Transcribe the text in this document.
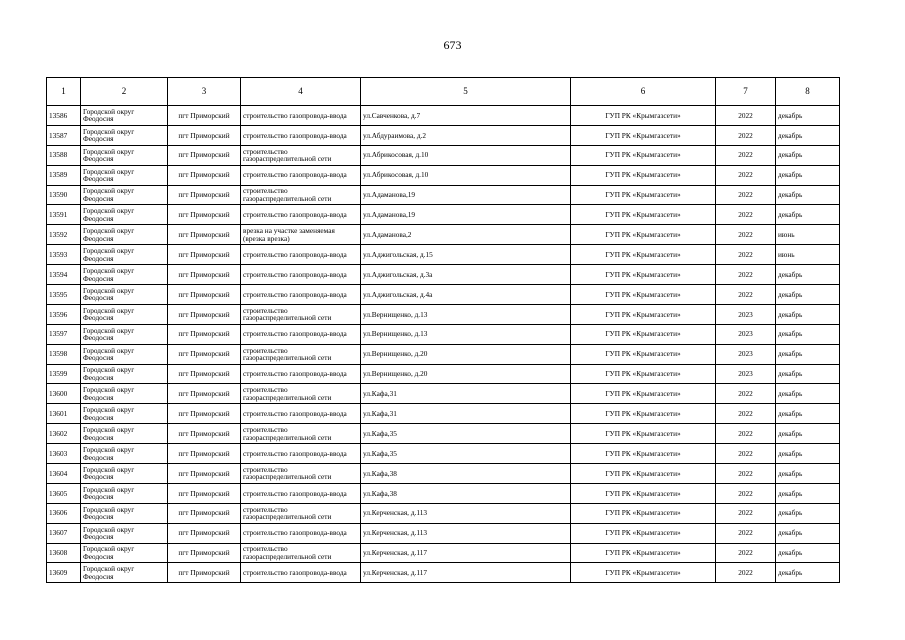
673
1	2	3	4	5	6	7	8
13586	Городской округ Феодосия	пгт Приморский	строительство газопровода-ввода	ул.Савченкова, д.7	ГУП РК «Крымгазсети»	2022	декабрь
13587	Городской округ Феодосия	пгт Приморский	строительство газопровода-ввода	ул.Абдураимова, д.2	ГУП РК «Крымгазсети»	2022	декабрь
13588	Городской округ Феодосия	пгт Приморский	строительство газораспределительной сети	ул.Абрикосовая, д.10	ГУП РК «Крымгазсети»	2022	декабрь
13589	Городской округ Феодосия	пгт Приморский	строительство газопровода-ввода	ул.Абрикосовая, д.10	ГУП РК «Крымгазсети»	2022	декабрь
13590	Городской округ Феодосия	пгт Приморский	строительство газораспределительной сети	ул.Адаманова,19	ГУП РК «Крымгазсети»	2022	декабрь
13591	Городской округ Феодосия	пгт Приморский	строительство газопровода-ввода	ул.Адаманова,19	ГУП РК «Крымгазсети»	2022	декабрь
13592	Городской округ Феодосия	пгт Приморский	врезка на участке заменяемая (врезка врезка)	ул.Адаманова,2	ГУП РК «Крымгазсети»	2022	июнь
13593	Городской округ Феодосия	пгт Приморский	строительство газопровода-ввода	ул.Аджигольская, д.15	ГУП РК «Крымгазсети»	2022	июнь
13594	Городской округ Феодосия	пгт Приморский	строительство газопровода-ввода	ул.Аджигольская, д.3а	ГУП РК «Крымгазсети»	2022	декабрь
13595	Городской округ Феодосия	пгт Приморский	строительство газопровода-ввода	ул.Аджигольская, д.4а	ГУП РК «Крымгазсети»	2022	декабрь
13596	Городской округ Феодосия	пгт Приморский	строительство газораспределительной сети	ул.Вернищенко, д.13	ГУП РК «Крымгазсети»	2023	декабрь
13597	Городской округ Феодосия	пгт Приморский	строительство газопровода-ввода	ул.Вернищенко, д.13	ГУП РК «Крымгазсети»	2023	декабрь
13598	Городской округ Феодосия	пгт Приморский	строительство газораспределительной сети	ул.Вернищенко, д.20	ГУП РК «Крымгазсети»	2023	декабрь
13599	Городской округ Феодосия	пгт Приморский	строительство газопровода-ввода	ул.Вернищенко, д.20	ГУП РК «Крымгазсети»	2023	декабрь
13600	Городской округ Феодосия	пгт Приморский	строительство газораспределительной сети	ул.Кафа,31	ГУП РК «Крымгазсети»	2022	декабрь
13601	Городской округ Феодосия	пгт Приморский	строительство газопровода-ввода	ул.Кафа,31	ГУП РК «Крымгазсети»	2022	декабрь
13602	Городской округ Феодосия	пгт Приморский	строительство газораспределительной сети	ул.Кафа,35	ГУП РК «Крымгазсети»	2022	декабрь
13603	Городской округ Феодосия	пгт Приморский	строительство газопровода-ввода	ул.Кафа,35	ГУП РК «Крымгазсети»	2022	декабрь
13604	Городской округ Феодосия	пгт Приморский	строительство газораспределительной сети	ул.Кафа,38	ГУП РК «Крымгазсети»	2022	декабрь
13605	Городской округ Феодосия	пгт Приморский	строительство газопровода-ввода	ул.Кафа,38	ГУП РК «Крымгазсети»	2022	декабрь
13606	Городской округ Феодосия	пгт Приморский	строительство газораспределительной сети	ул.Керченская, д.113	ГУП РК «Крымгазсети»	2022	декабрь
13607	Городской округ Феодосия	пгт Приморский	строительство газопровода-ввода	ул.Керченская, д.113	ГУП РК «Крымгазсети»	2022	декабрь
13608	Городской округ Феодосия	пгт Приморский	строительство газораспределительной сети	ул.Керченская, д.117	ГУП РК «Крымгазсети»	2022	декабрь
13609	Городской округ Феодосия	пгт Приморский	строительство газопровода-ввода	ул.Керченская, д.117	ГУП РК «Крымгазсети»	2022	декабрь
